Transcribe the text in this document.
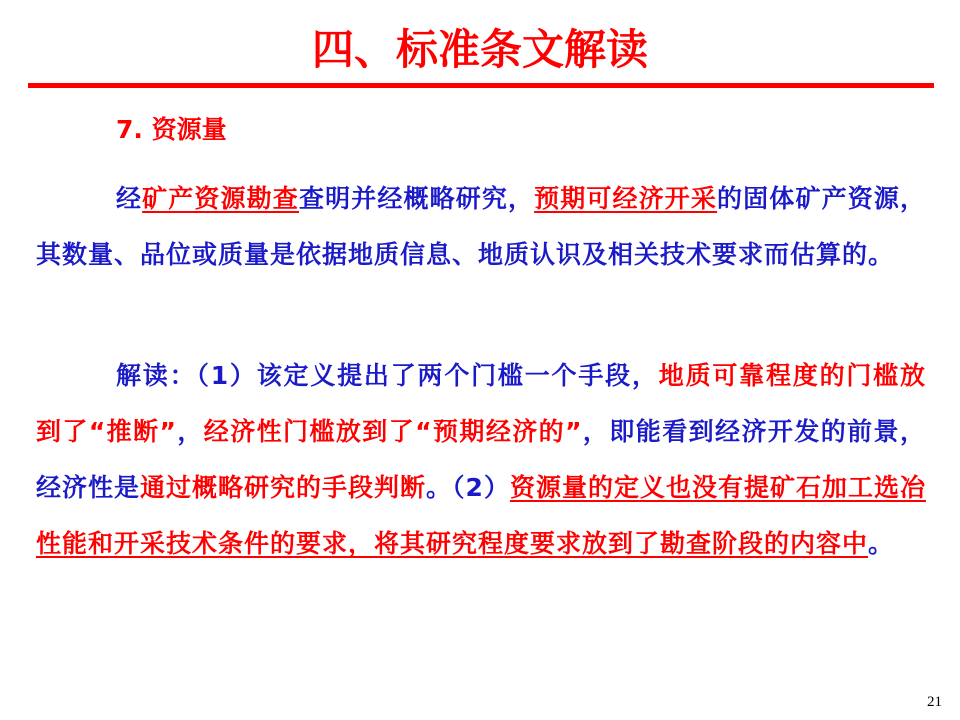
四、标准条文解读
7. 资源量
经矿产资源勘查查明并经概略研究，预期可经济开采的固体矿产资源，其数量、品位或质量是依据地质信息、地质认识及相关技术要求而估算的。
解读：（1）该定义提出了两个门槛一个手段，地质可靠程度的门槛放到了“推断”，经济性门槛放到了“预期经济的”，即能看到经济开发的前景，经济性是通过概略研究的手段判断。（2）资源量的定义也没有提矿石加工选冶性能和开采技术条件的要求，将其研究程度要求放到了勘查阶段的内容中。
21
